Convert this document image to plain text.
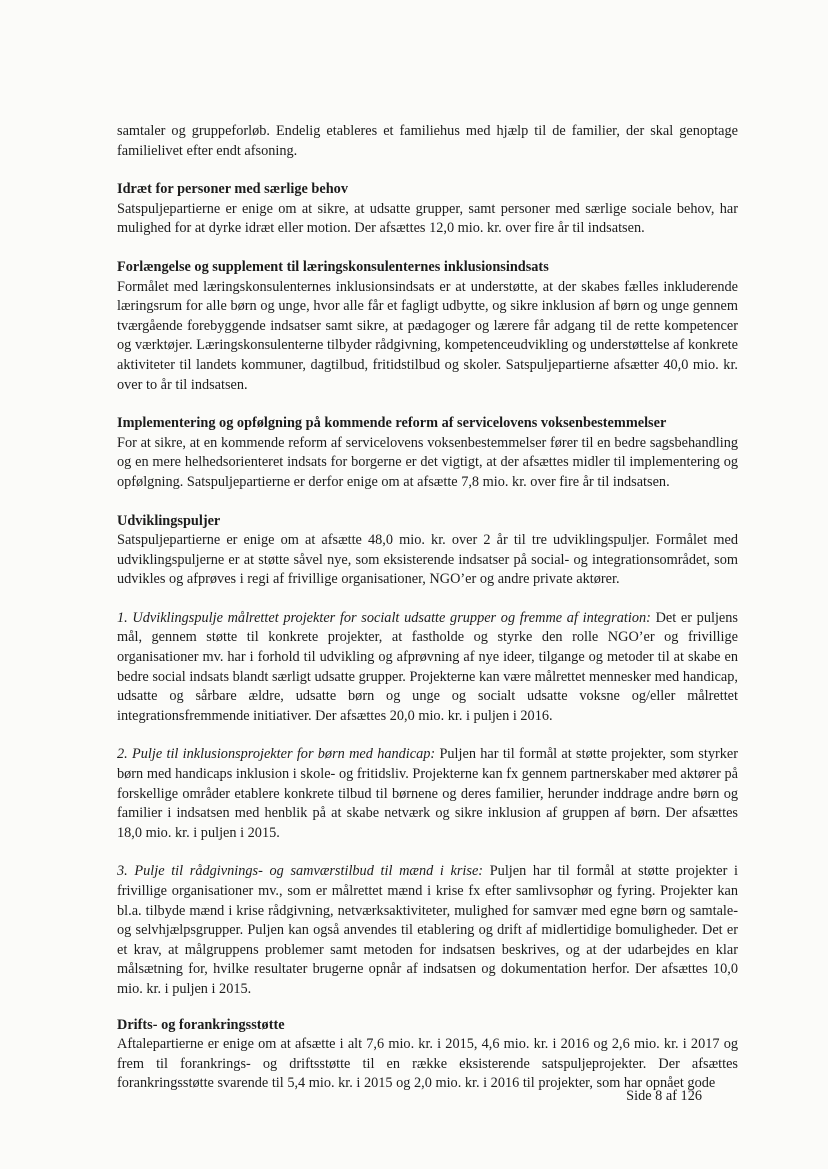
samtaler og gruppeforløb. Endelig etableres et familiehus med hjælp til de familier, der skal genoptage familielivet efter endt afsoning.

Idræt for personer med særlige behov

Satspuljepartierne er enige om at sikre, at udsatte grupper, samt personer med særlige sociale behov, har mulighed for at dyrke idræt eller motion. Der afsættes 12,0 mio. kr. over fire år til indsatsen.

Forlængelse og supplement til læringskonsulenternes inklusionsindsats

Formålet med læringskonsulenternes inklusionsindsats er at understøtte, at der skabes fælles inkluderende læringsrum for alle børn og unge, hvor alle får et fagligt udbytte, og sikre inklusion af børn og unge gennem tværgående forebyggende indsatser samt sikre, at pædagoger og lærere får adgang til de rette kompetencer og værktøjer. Læringskonsulenterne tilbyder rådgivning, kompetenceudvikling og understøttelse af konkrete aktiviteter til landets kommuner, dagtilbud, fritidstilbud og skoler. Satspuljepartierne afsætter 40,0 mio. kr. over to år til indsatsen.

Implementering og opfølgning på kommende reform af servicelovens voksenbestemmelser

For at sikre, at en kommende reform af servicelovens voksenbestemmelser fører til en bedre sagsbehandling og en mere helhedsorienteret indsats for borgerne er det vigtigt, at der afsættes midler til implementering og opfølgning. Satspuljepartierne er derfor enige om at afsætte 7,8 mio. kr. over fire år til indsatsen.

Udviklingspuljer

Satspuljepartierne er enige om at afsætte 48,0 mio. kr. over 2 år til tre udviklingspuljer. Formålet med udviklingspuljerne er at støtte såvel nye, som eksisterende indsatser på social- og integrationsområdet, som udvikles og afprøves i regi af frivillige organisationer, NGO’er og andre private aktører.

1. Udviklingspulje målrettet projekter for socialt udsatte grupper og fremme af integration: Det er puljens mål, gennem støtte til konkrete projekter, at fastholde og styrke den rolle NGO’er og frivillige organisationer mv. har i forhold til udvikling og afprøvning af nye ideer, tilgange og metoder til at skabe en bedre social indsats blandt særligt udsatte grupper. Projekterne kan være målrettet mennesker med handicap, udsatte og sårbare ældre, udsatte børn og unge og socialt udsatte voksne og/eller målrettet integrationsfremmende initiativer. Der afsættes 20,0 mio. kr. i puljen i 2016.

2. Pulje til inklusionsprojekter for børn med handicap: Puljen har til formål at støtte projekter, som styrker børn med handicaps inklusion i skole- og fritidsliv. Projekterne kan fx gennem partnerskaber med aktører på forskellige områder etablere konkrete tilbud til børnene og deres familier, herunder inddrage andre børn og familier i indsatsen med henblik på at skabe netværk og sikre inklusion af gruppen af børn. Der afsættes 18,0 mio. kr. i puljen i 2015.

3. Pulje til rådgivnings- og samværstilbud til mænd i krise: Puljen har til formål at støtte projekter i frivillige organisationer mv., som er målrettet mænd i krise fx efter samlivsophør og fyring. Projekter kan bl.a. tilbyde mænd i krise rådgivning, netværksaktiviteter, mulighed for samvær med egne børn og samtale- og selvhjælpsgrupper. Puljen kan også anvendes til etablering og drift af midlertidige bomuligheder. Det er et krav, at målgruppens problemer samt metoden for indsatsen beskrives, og at der udarbejdes en klar målsætning for, hvilke resultater brugerne opnår af indsatsen og dokumentation herfor. Der afsættes 10,0 mio. kr. i puljen i 2015.

Drifts- og forankringsstøtte

Aftalepartierne er enige om at afsætte i alt 7,6 mio. kr. i 2015, 4,6 mio. kr. i 2016 og 2,6 mio. kr. i 2017 og frem til forankrings- og driftsstøtte til en række eksisterende satspuljeprojekter. Der afsættes forankringsstøtte svarende til 5,4 mio. kr. i 2015 og 2,0 mio. kr. i 2016 til projekter, som har opnået gode

Side 8 af 126
